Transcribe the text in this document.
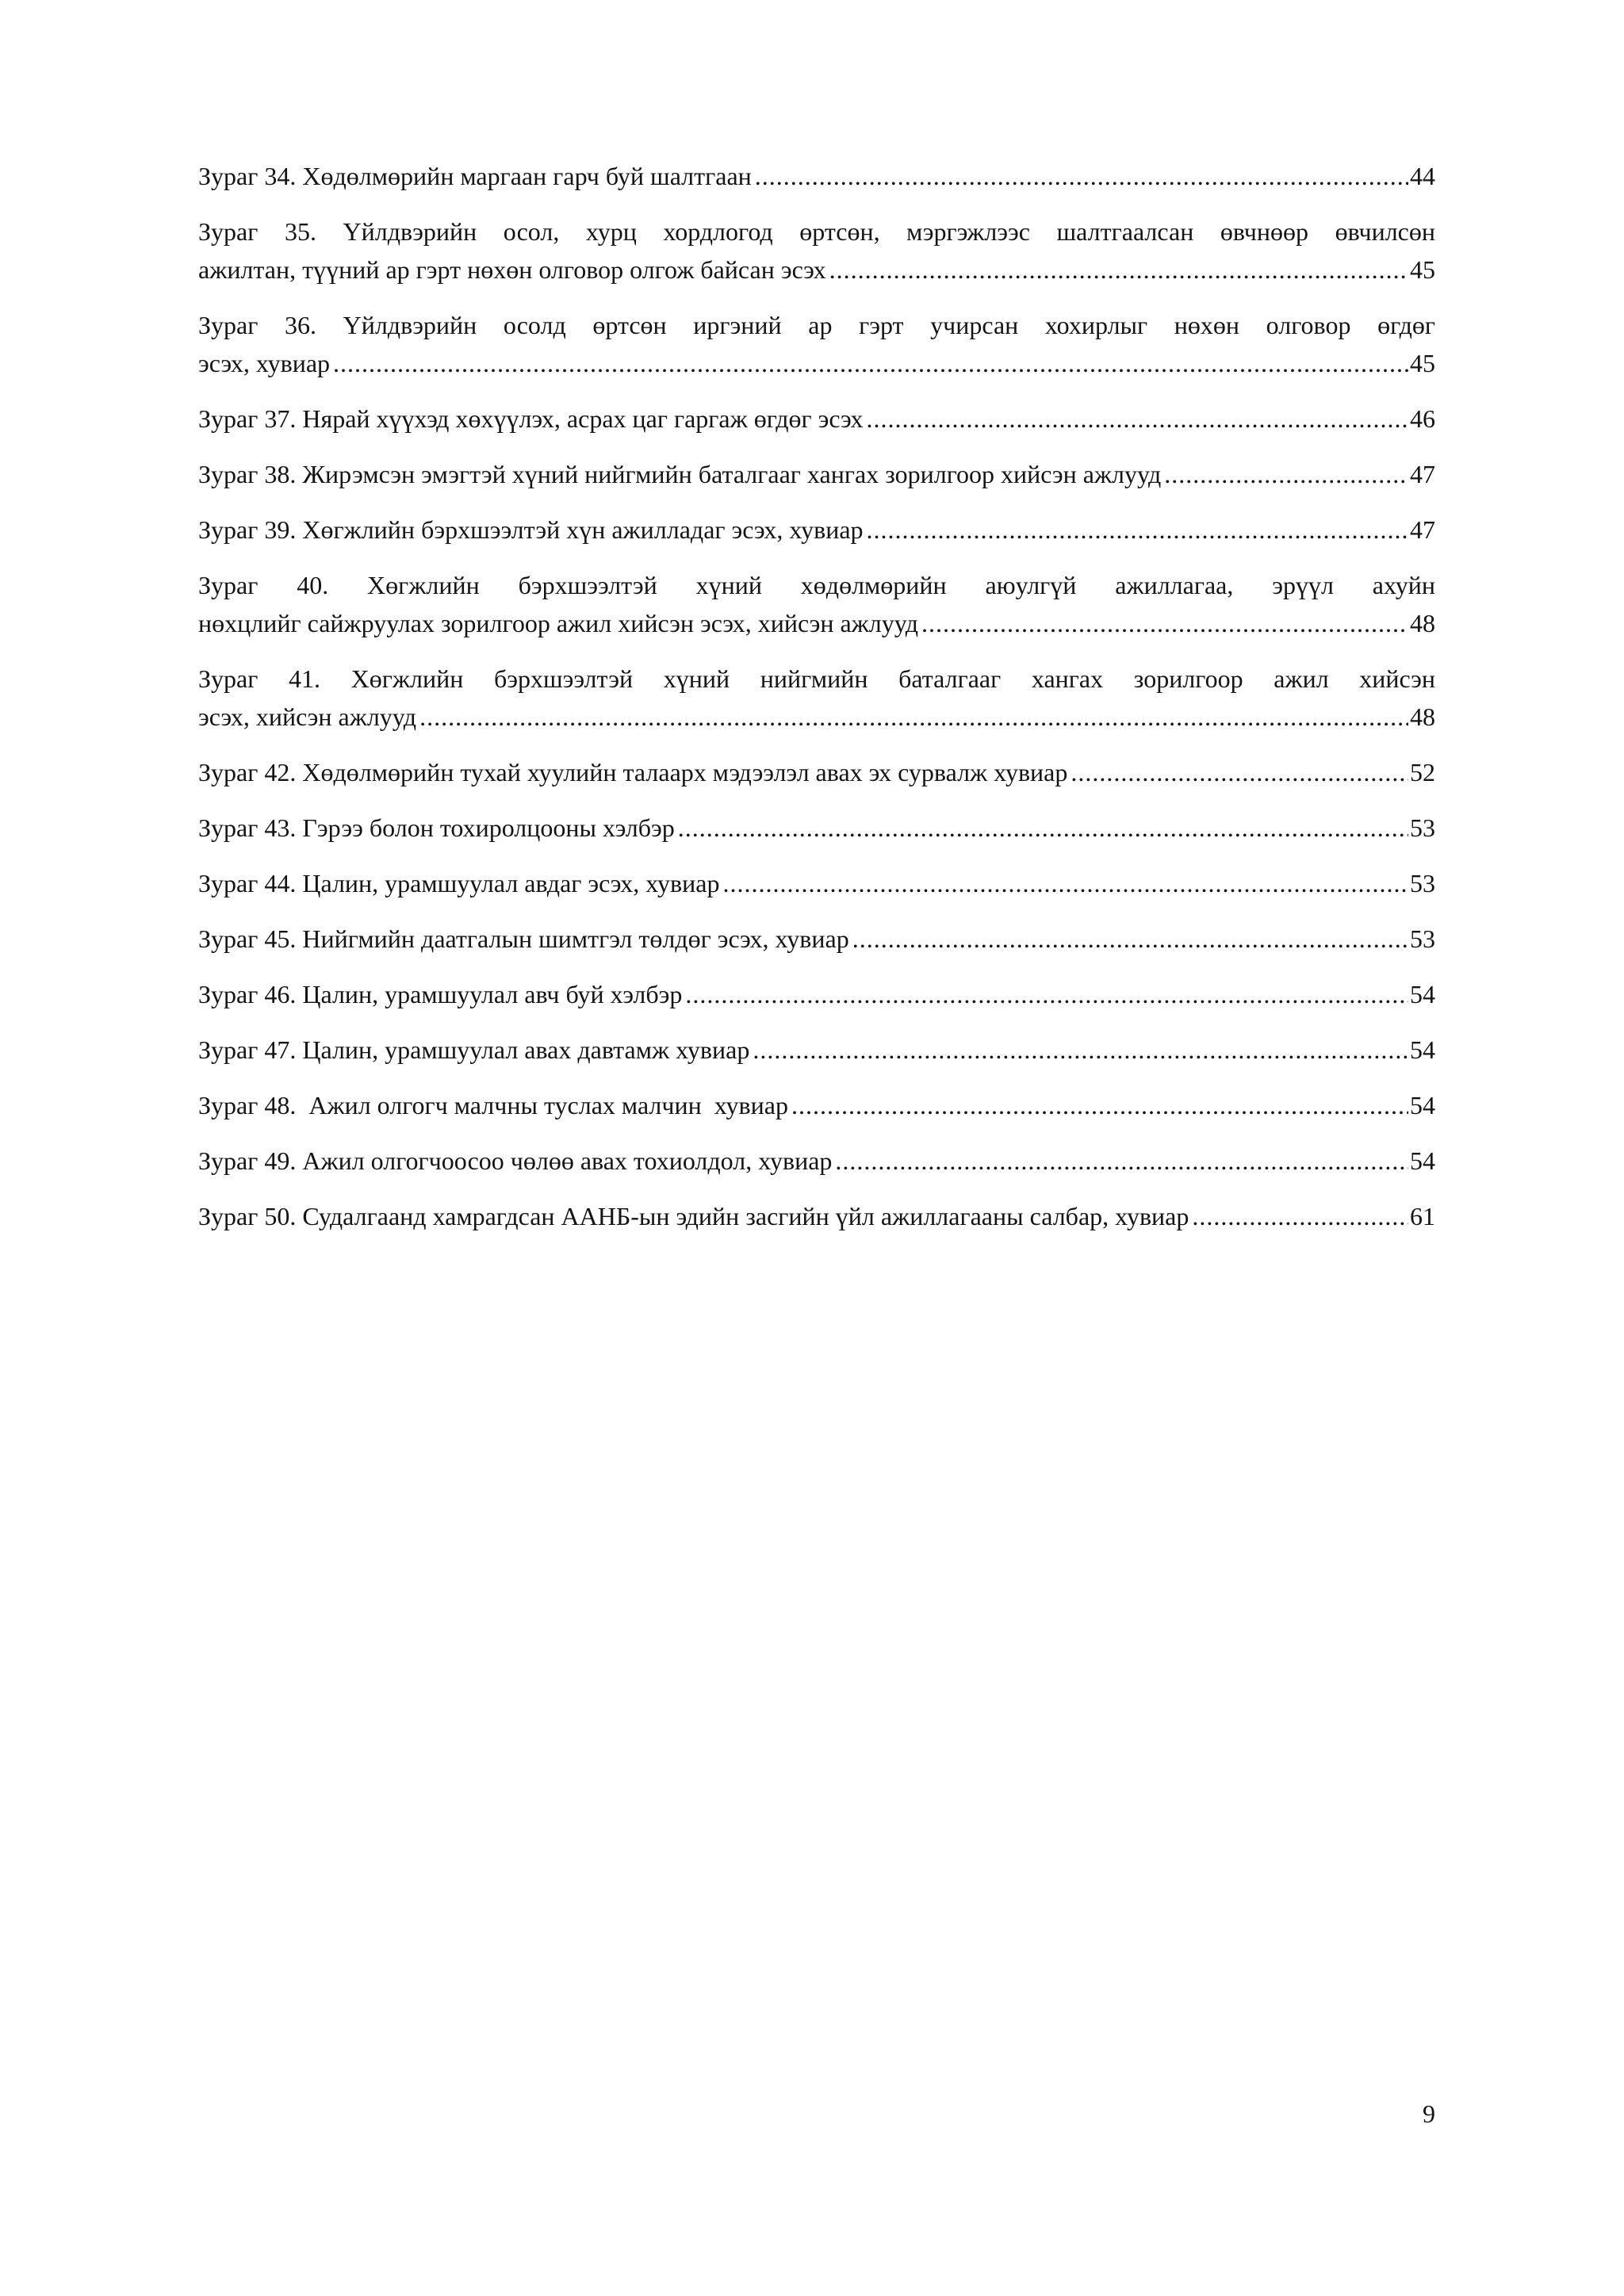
Зураг 34. Хөдөлмөрийн маргаан гарч буй шалтгаан .....	44
Зураг 35. Үйлдвэрийн осол, хурц хордлогод өртсөн, мэргэжлээс шалтгаалсан өвчнөөр өвчилсөн
ажилтан, түүний ар гэрт нөхөн олговор олгож байсан эсэх .....	45
Зураг 36. Үйлдвэрийн осолд өртсөн иргэний ар гэрт учирсан хохирлыг нөхөн олговор өгдөг
эсэх, хувиар .....	45
Зураг 37. Нярай хүүхэд хөхүүлэх, асрах цаг гаргаж өгдөг эсэх .....	46
Зураг 38. Жирэмсэн эмэгтэй хүний нийгмийн баталгааг хангах зорилгоор хийсэн ажлууд .....	47
Зураг 39. Хөгжлийн бэрхшээлтэй хүн ажилладаг эсэх, хувиар .....	47
Зураг 40. Хөгжлийн бэрхшээлтэй хүний хөдөлмөрийн аюулгүй ажиллагаа, эрүүл ахуйн
нөхцлийг сайжруулах зорилгоор ажил хийсэн эсэх, хийсэн ажлууд .....	48
Зураг 41. Хөгжлийн бэрхшээлтэй хүний нийгмийн баталгааг хангах зорилгоор ажил хийсэн
эсэх, хийсэн ажлууд .....	48
Зураг 42. Хөдөлмөрийн тухай хуулийн талаарх мэдээлэл авах эх сурвалж хувиар .....	52
Зураг 43. Гэрээ болон тохиролцооны хэлбэр .....	53
Зураг 44. Цалин, урамшуулал авдаг эсэх, хувиар .....	53
Зураг 45. Нийгмийн даатгалын шимтгэл төлдөг эсэх, хувиар .....	53
Зураг 46. Цалин, урамшуулал авч буй хэлбэр .....	54
Зураг 47. Цалин, урамшуулал авах давтамж хувиар .....	54
Зураг 48.  Ажил олгогч малчны туслах малчин  хувиар .....	54
Зураг 49. Ажил олгогчоосоо чөлөө авах тохиолдол, хувиар .....	54
Зураг 50. Судалгаанд хамрагдсан ААНБ-ын эдийн засгийн үйл ажиллагааны салбар, хувиар .....	61
9
